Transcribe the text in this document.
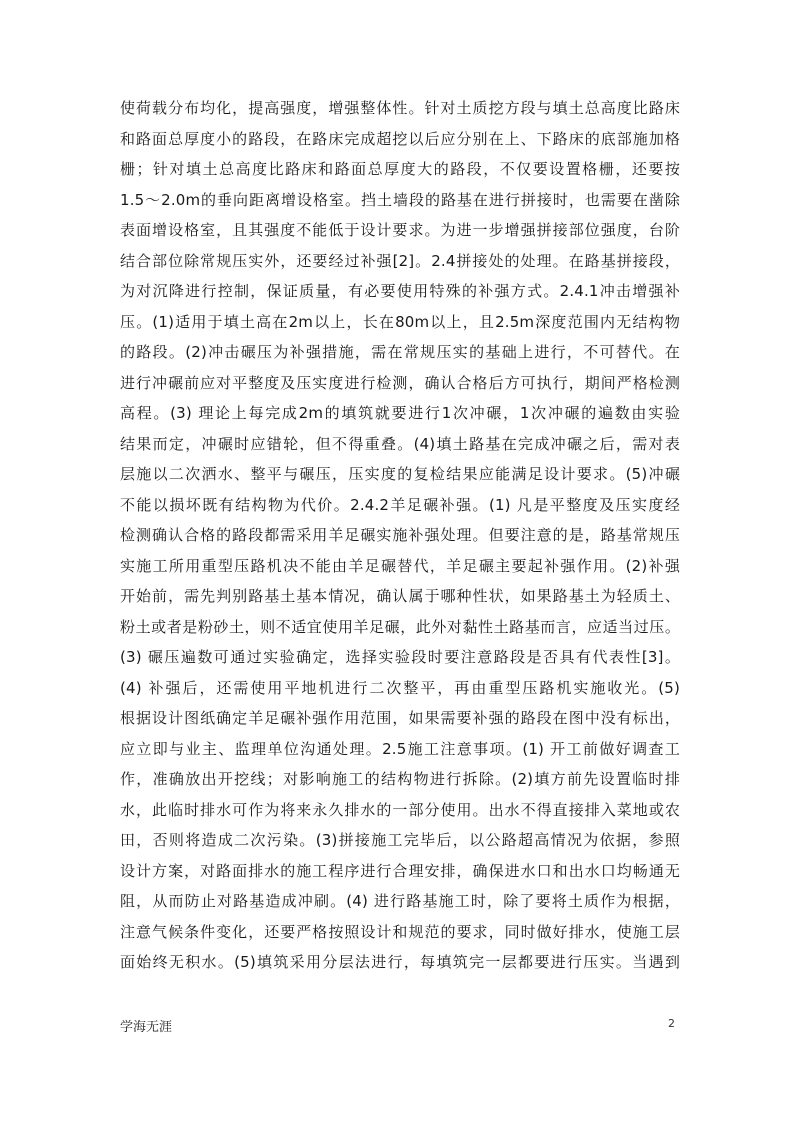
使荷载分布均化，提高强度，增强整体性。针对土质挖方段与填土总高度比路床
和路面总厚度小的路段，在路床完成超挖以后应分别在上、下路床的底部施加格
栅；针对填土总高度比路床和路面总厚度大的路段，不仅要设置格栅，还要按
1.5～2.0m的垂向距离增设格室。挡土墙段的路基在进行拼接时，也需要在凿除
表面增设格室，且其强度不能低于设计要求。为进一步增强拼接部位强度，台阶
结合部位除常规压实外，还要经过补强[2]。2.4拼接处的处理。在路基拼接段，
为对沉降进行控制，保证质量，有必要使用特殊的补强方式。2.4.1冲击增强补
压。(1)适用于填土高在2m以上，长在80m以上，且2.5m深度范围内无结构物
的路段。(2)冲击碾压为补强措施，需在常规压实的基础上进行，不可替代。在
进行冲碾前应对平整度及压实度进行检测，确认合格后方可执行，期间严格检测
高程。(3) 理论上每完成2m的填筑就要进行1次冲碾，1次冲碾的遍数由实验
结果而定，冲碾时应错轮，但不得重叠。(4)填土路基在完成冲碾之后，需对表
层施以二次洒水、整平与碾压，压实度的复检结果应能满足设计要求。(5)冲碾
不能以损坏既有结构物为代价。2.4.2羊足碾补强。(1) 凡是平整度及压实度经
检测确认合格的路段都需采用羊足碾实施补强处理。但要注意的是，路基常规压
实施工所用重型压路机决不能由羊足碾替代，羊足碾主要起补强作用。(2)补强
开始前，需先判别路基土基本情况，确认属于哪种性状，如果路基土为轻质土、
粉土或者是粉砂土，则不适宜使用羊足碾，此外对黏性土路基而言，应适当过压。
(3) 碾压遍数可通过实验确定，选择实验段时要注意路段是否具有代表性[3]。
(4) 补强后，还需使用平地机进行二次整平，再由重型压路机实施收光。(5)
根据设计图纸确定羊足碾补强作用范围，如果需要补强的路段在图中没有标出，
应立即与业主、监理单位沟通处理。2.5施工注意事项。(1) 开工前做好调查工
作，准确放出开挖线；对影响施工的结构物进行拆除。(2)填方前先设置临时排
水，此临时排水可作为将来永久排水的一部分使用。出水不得直接排入菜地或农
田，否则将造成二次污染。(3)拼接施工完毕后，以公路超高情况为依据，参照
设计方案，对路面排水的施工程序进行合理安排，确保进水口和出水口均畅通无
阻，从而防止对路基造成冲刷。(4) 进行路基施工时，除了要将土质作为根据，
注意气候条件变化，还要严格按照设计和规范的要求，同时做好排水，使施工层
面始终无积水。(5)填筑采用分层法进行，每填筑完一层都要进行压实。当遇到
学海无涯	2
